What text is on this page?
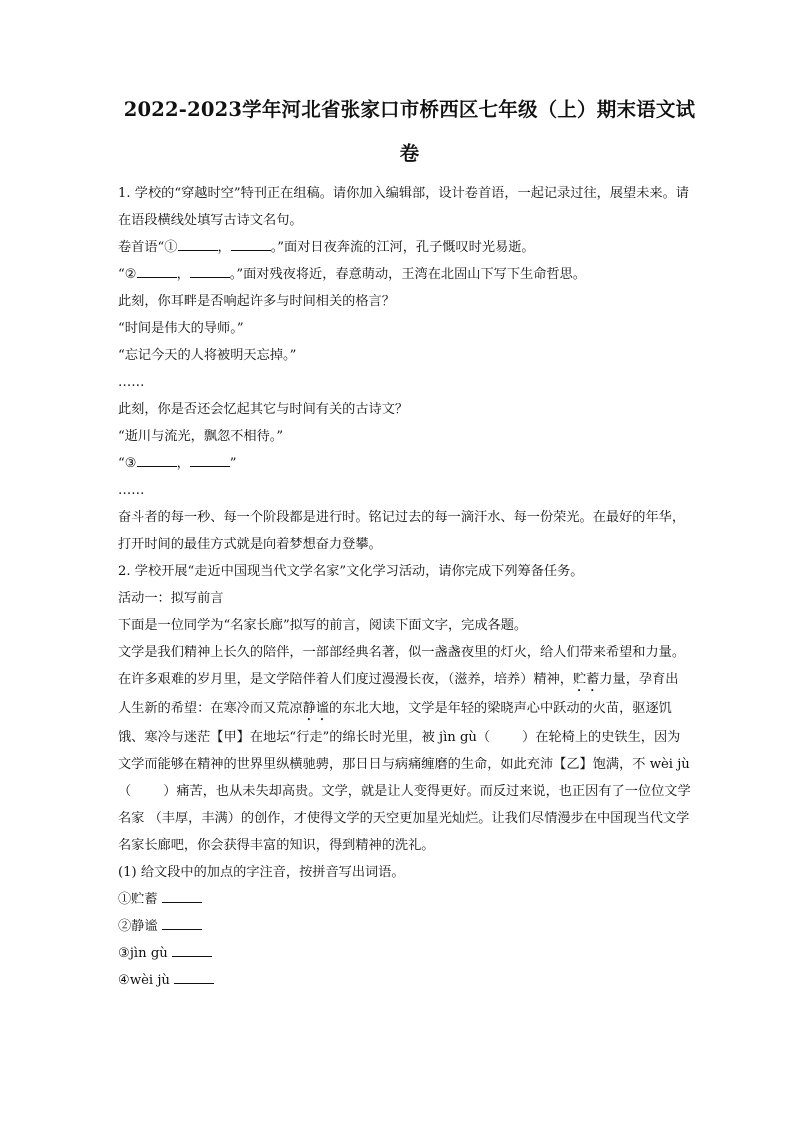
2022-2023学年河北省张家口市桥西区七年级（上）期末语文试
卷

1. 学校的“穿越时空”特刊正在组稿。请你加入编辑部，设计卷首语，一起记录过往，展望未来。请在语段横线处填写古诗文名句。

卷首语“①	，	。”面对日夜奔流的江河，孔子慨叹时光易逝。

“②	，	。”面对残夜将近，春意萌动，王湾在北固山下写下生命哲思。

此刻，你耳畔是否响起许多与时间相关的格言？

“时间是伟大的导师。”

“忘记今天的人将被明天忘掉。”

……

此刻，你是否还会忆起其它与时间有关的古诗文？

“逝川与流光，飘忽不相待。”

“③	，	”

……

奋斗者的每一秒、每一个阶段都是进行时。铭记过去的每一滴汗水、每一份荣光。在最好的年华，打开时间的最佳方式就是向着梦想奋力登攀。

2. 学校开展“走近中国现当代文学名家”文化学习活动，请你完成下列筹备任务。

活动一：拟写前言

下面是一位同学为“名家长廊”拟写的前言，阅读下面文字，完成各题。

文学是我们精神上长久的陪伴，一部部经典名著，似一盏盏夜里的灯火，给人们带来希望和力量。在许多艰难的岁月里，是文学陪伴着人们度过漫漫长夜，（滋养，培养）精神，贮蓄力量，孕育出人生新的希望：在寒冷而又荒凉静谧的东北大地，文学是年轻的梁晓声心中跃动的火苗，驱逐饥饿、寒冷与迷茫【甲】在地坛“行走”的绵长时光里，被 jìn gù（ ）在轮椅上的史铁生，因为文学而能够在精神的世界里纵横驰骋，那日日与病痛缠磨的生命，如此充沛【乙】饱满，不 wèi jù（ ）痛苦，也从未失却高贵。文学，就是让人变得更好。而反过来说，也正因有了一位位文学名家 （丰厚，丰满）的创作，才使得文学的天空更加星光灿烂。让我们尽情漫步在中国现当代文学名家长廊吧，你会获得丰富的知识，得到精神的洗礼。

(1) 给文段中的加点的字注音，按拼音写出词语。

①贮蓄

②静谧

③jìn gù

④wèi jù
